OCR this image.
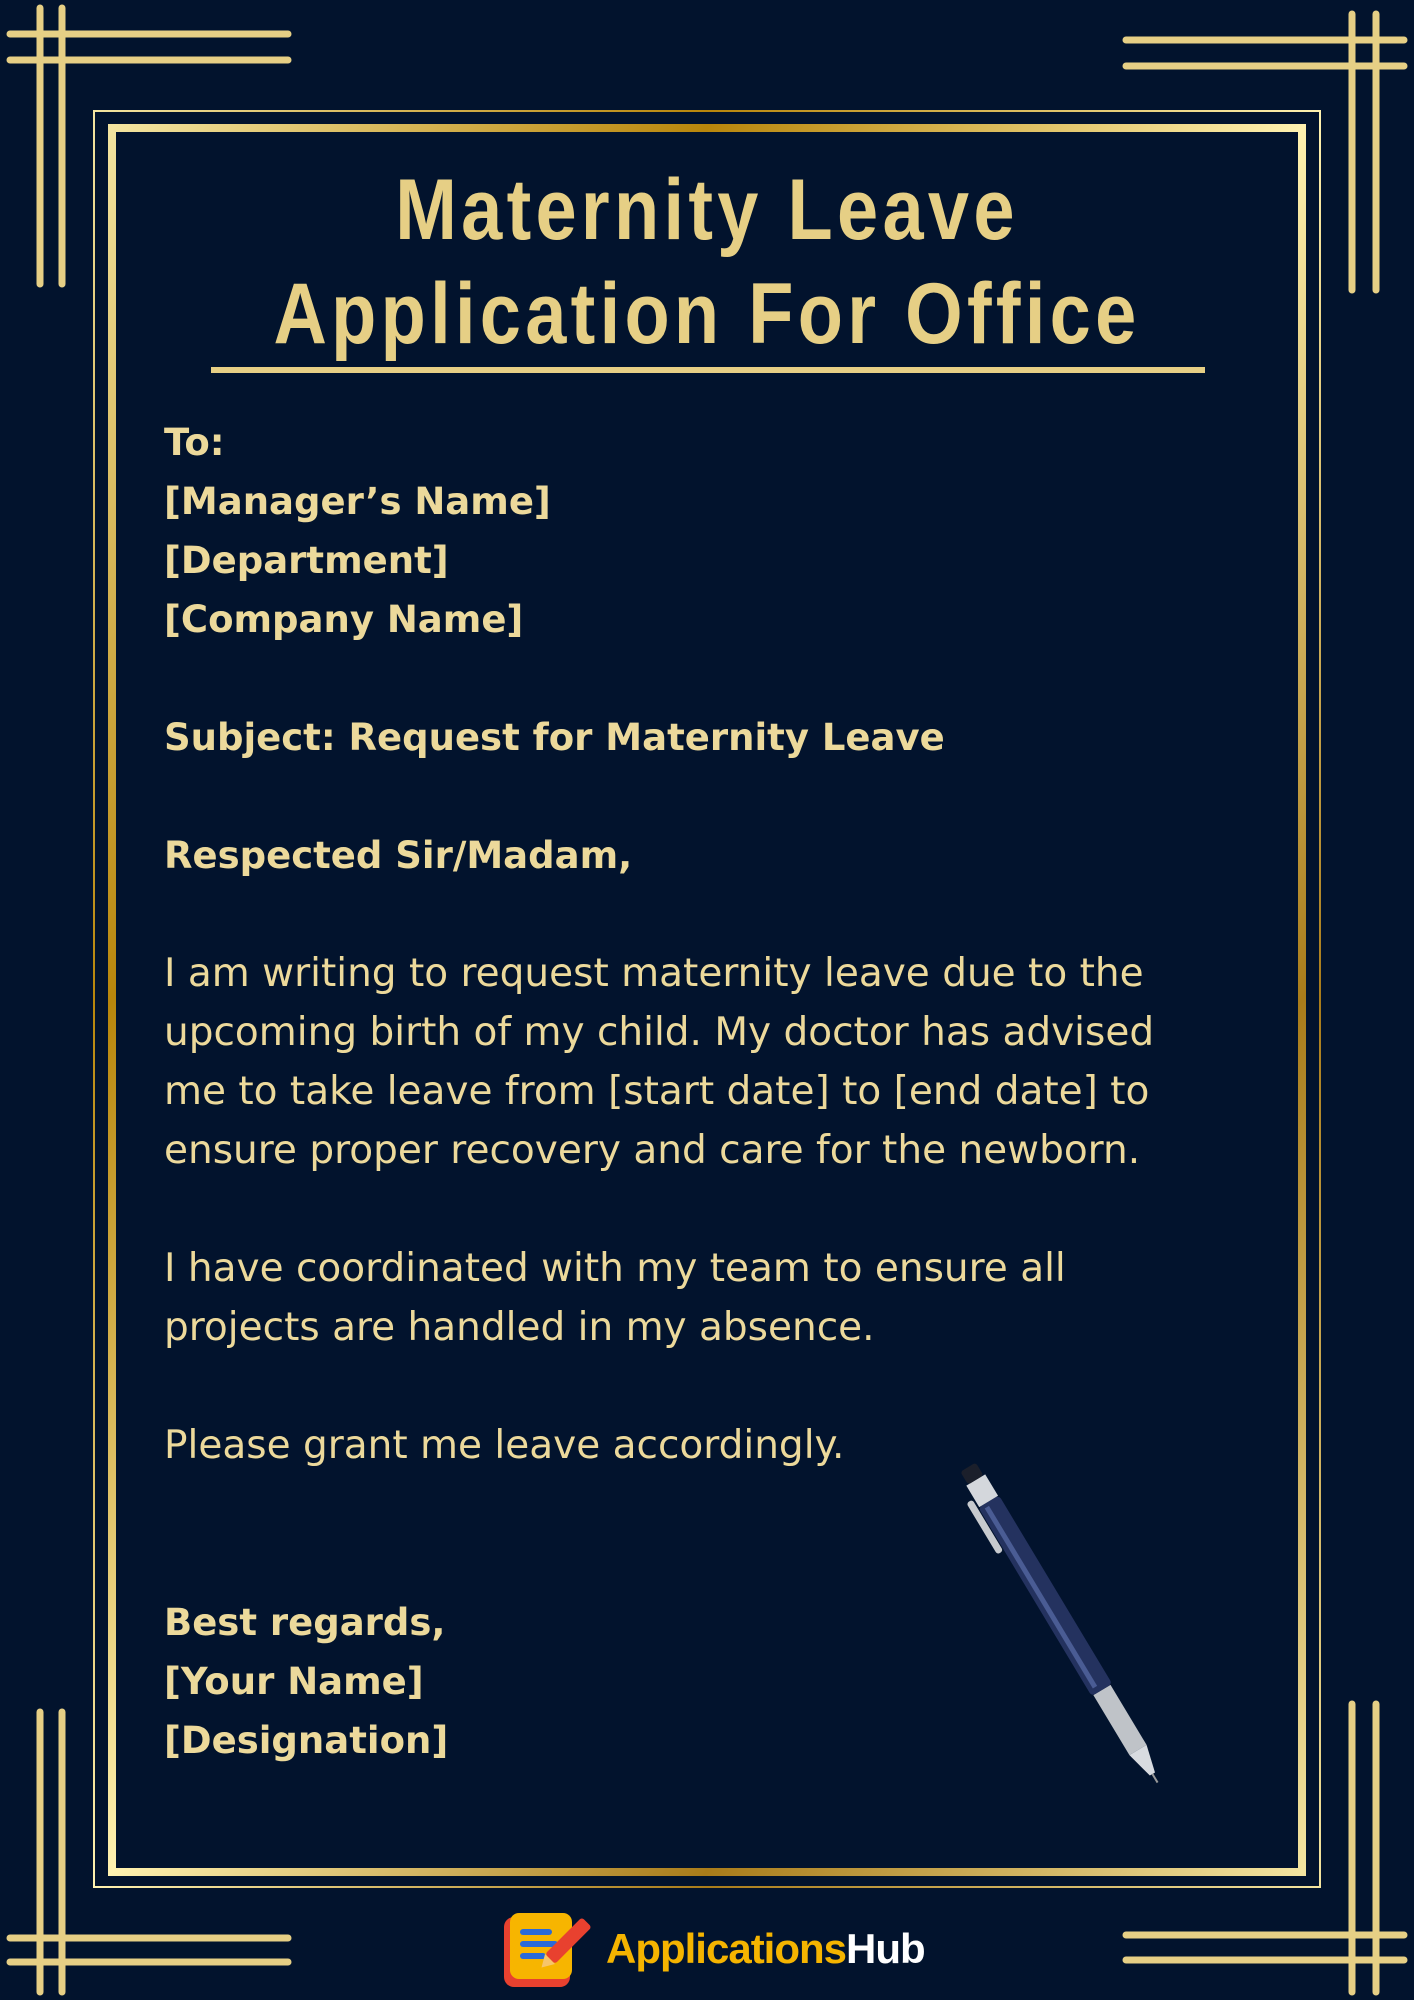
Maternity Leave
Application For Office
To:
[Manager’s Name]
[Department]
[Company Name]
Subject: Request for Maternity Leave
Respected Sir/Madam,
I am writing to request maternity leave due to the
upcoming birth of my child. My doctor has advised
me to take leave from [start date] to [end date] to
ensure proper recovery and care for the newborn.
I have coordinated with my team to ensure all
projects are handled in my absence.
Please grant me leave accordingly.
Best regards,
[Your Name]
[Designation]
ApplicationsHub
